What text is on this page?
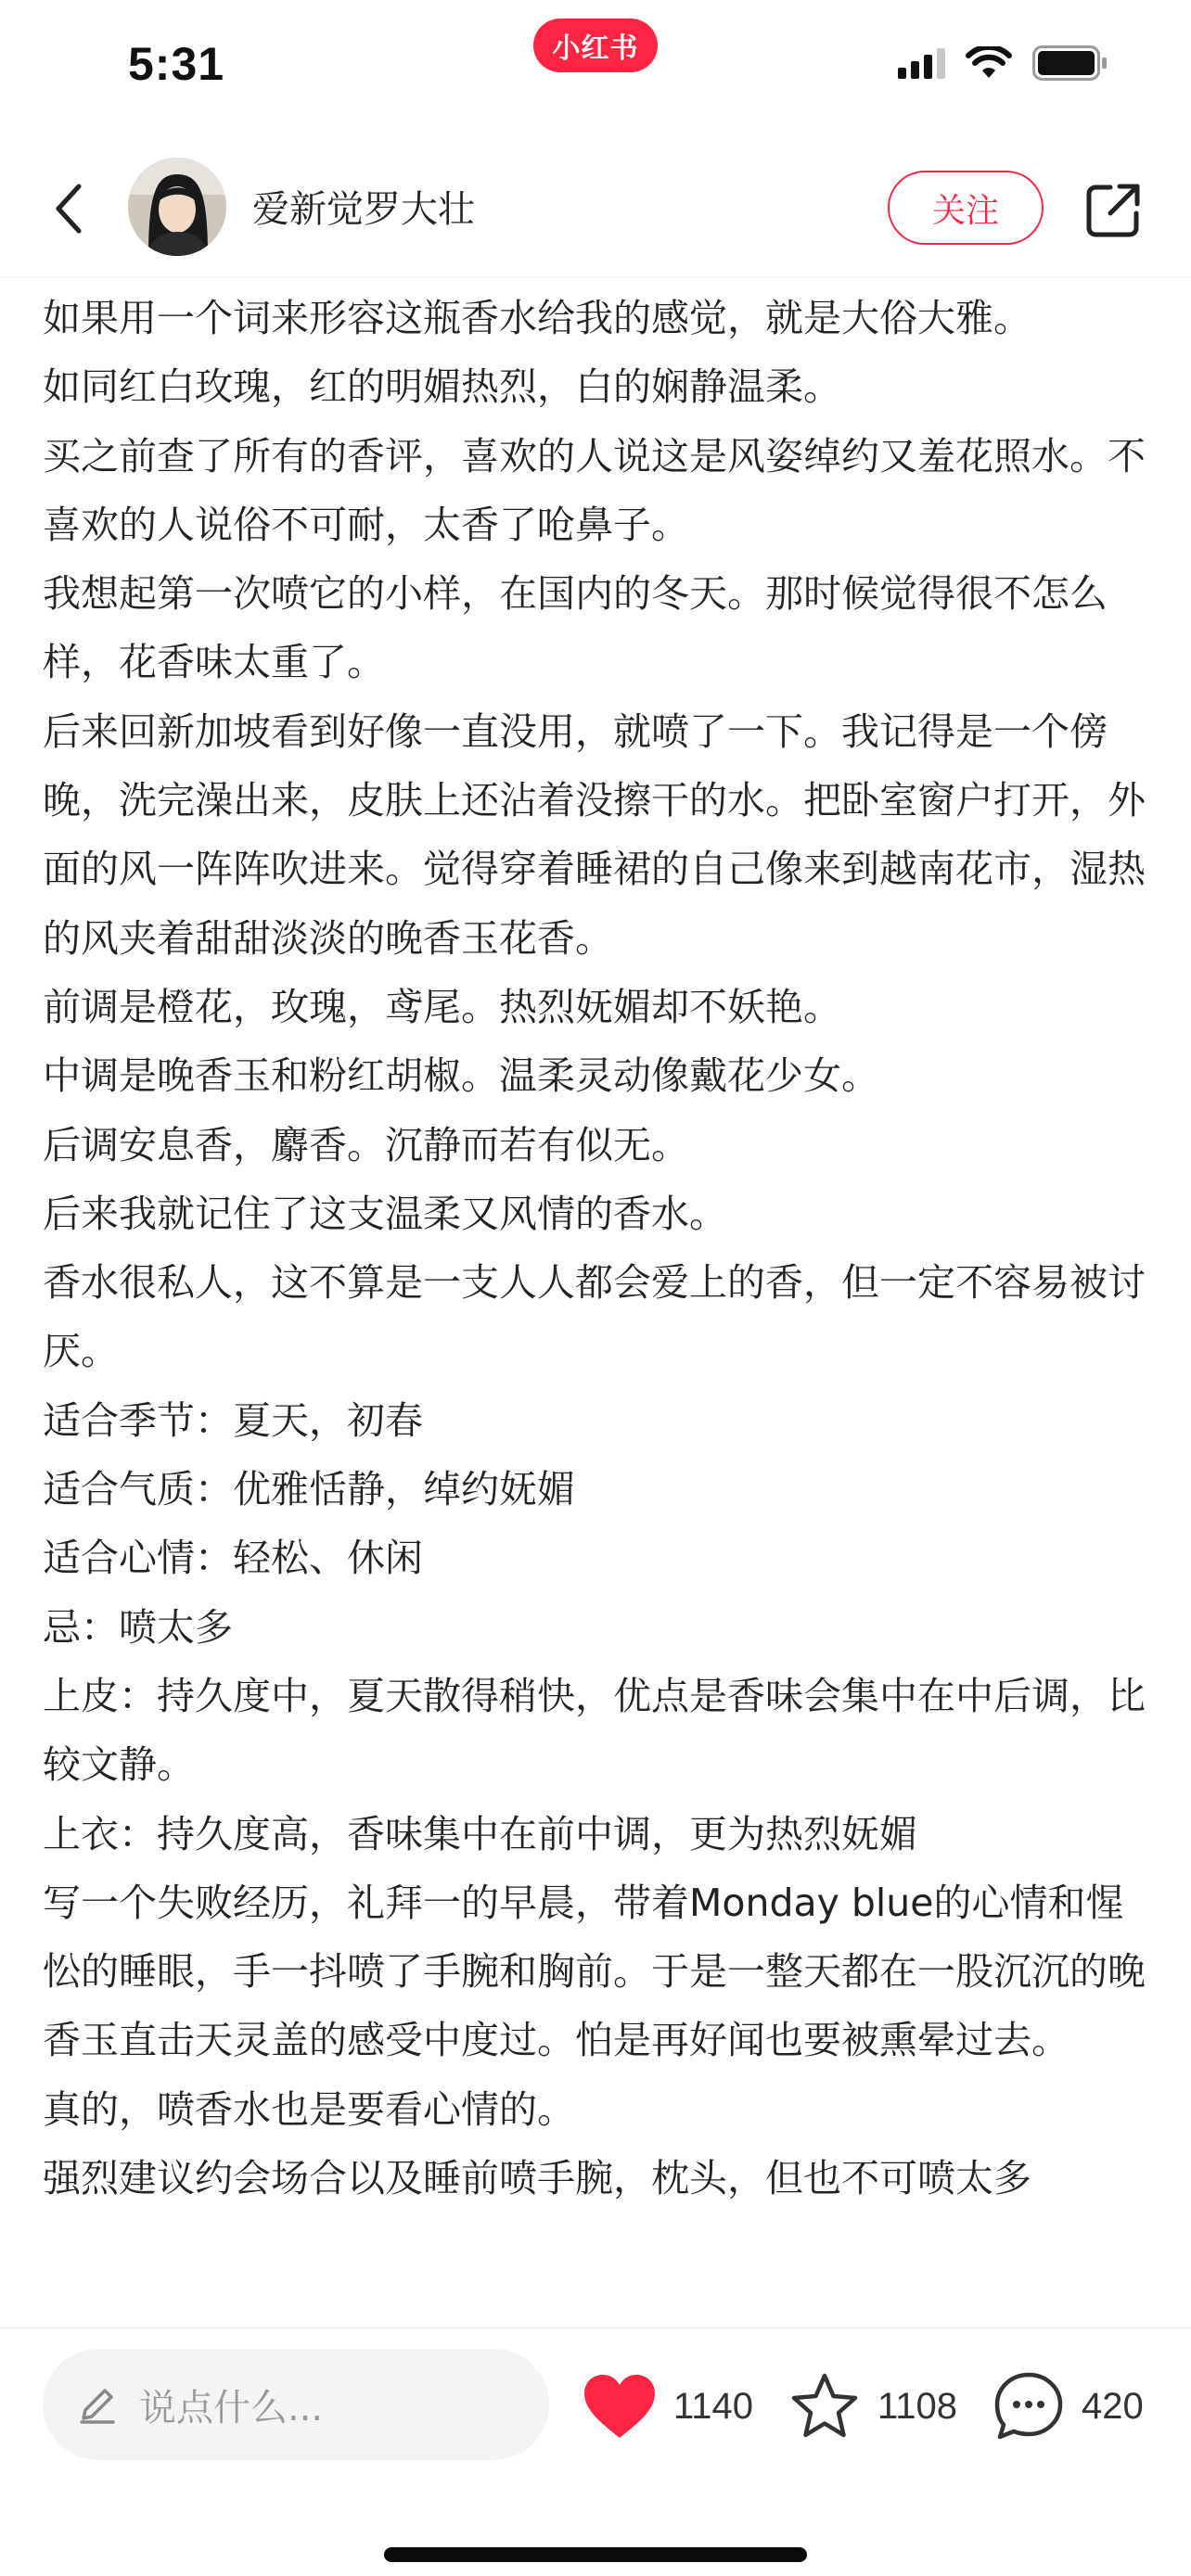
5:31	小红书
爱新觉罗大壮	关注

如果用一个词来形容这瓶香水给我的感觉，就是大俗大雅。

如同红白玫瑰，红的明媚热烈，白的娴静温柔。

买之前查了所有的香评，喜欢的人说这是风姿绰约又羞花照水。不喜欢的人说俗不可耐，太香了呛鼻子。

我想起第一次喷它的小样，在国内的冬天。那时候觉得很不怎么样，花香味太重了。

后来回新加坡看到好像一直没用，就喷了一下。我记得是一个傍晚，洗完澡出来，皮肤上还沾着没擦干的水。把卧室窗户打开，外面的风一阵阵吹进来。觉得穿着睡裙的自己像来到越南花市，湿热的风夹着甜甜淡淡的晚香玉花香。

前调是橙花，玫瑰，鸢尾。热烈妩媚却不妖艳。

中调是晚香玉和粉红胡椒。温柔灵动像戴花少女。

后调安息香，麝香。沉静而若有似无。

后来我就记住了这支温柔又风情的香水。

香水很私人，这不算是一支人人都会爱上的香，但一定不容易被讨厌。

适合季节：夏天，初春

适合气质：优雅恬静，绰约妩媚

适合心情：轻松、休闲

忌：喷太多

上皮：持久度中，夏天散得稍快，优点是香味会集中在中后调，比较文静。

上衣：持久度高，香味集中在前中调，更为热烈妩媚

写一个失败经历，礼拜一的早晨，带着Monday blue的心情和惺忪的睡眼，手一抖喷了手腕和胸前。于是一整天都在一股沉沉的晚香玉直击天灵盖的感受中度过。怕是再好闻也要被熏晕过去。

真的，喷香水也是要看心情的。

强烈建议约会场合以及睡前喷手腕，枕头，但也不可喷太多

说点什么...	1140	1108	420
